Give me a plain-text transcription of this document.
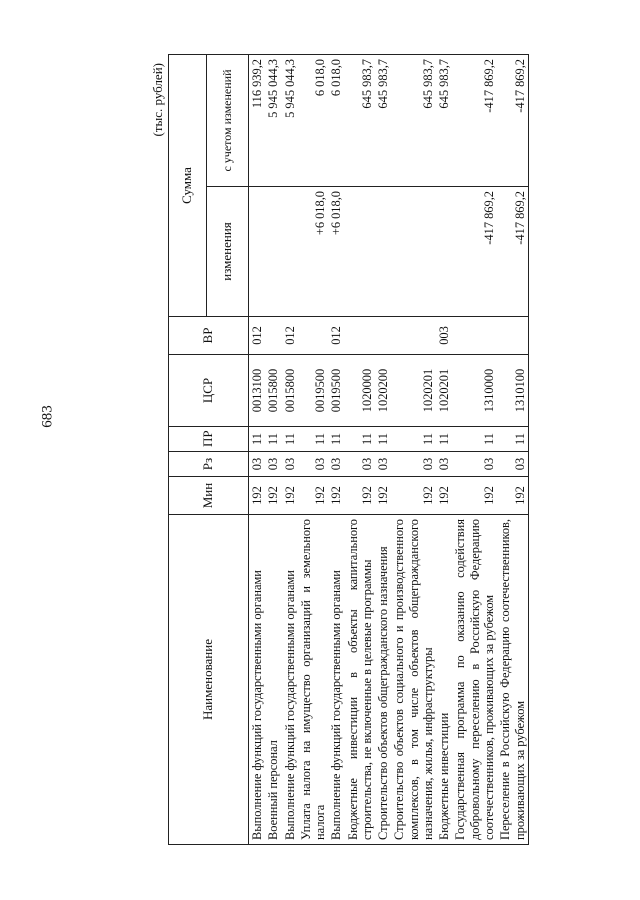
683
(тыс. рублей)
Наименование	Мин	Рз	ПР	ЦСР	ВР	Сумма	
						изменения	с учетом изменений
Выполнение функций государственными органами	192	03	11	0013100	012		116 939,2
Военный персонал	192	03	11	0015800			5 945 044,3
Выполнение функций государственными органами	192	03	11	0015800	012		5 945 044,3
Уплата налога на имущество организаций и земельного налога	192	03	11	0019500		+6 018,0	6 018,0
Выполнение функций государственными органами	192	03	11	0019500	012	+6 018,0	6 018,0
Бюджетные инвестиции в объекты капитального строительства, не включенные в целевые программы	192	03	11	1020000			645 983,7
Строительство объектов общегражданского назначения	192	03	11	1020200			645 983,7
Строительство объектов социального и производственного комплексов, в том числе объектов общегражданского назначения, жилья, инфраструктуры	192	03	11	1020201			645 983,7
Бюджетные инвестиции	192	03	11	1020201	003		645 983,7
Государственная программа по оказанию содействия добровольному переселению в Российскую Федерацию соотечественников, проживающих за рубежом	192	03	11	1310000		-417 869,2	-417 869,2
Переселение в Российскую Федерацию соотечественников, проживающих за рубежом	192	03	11	1310100		-417 869,2	-417 869,2
